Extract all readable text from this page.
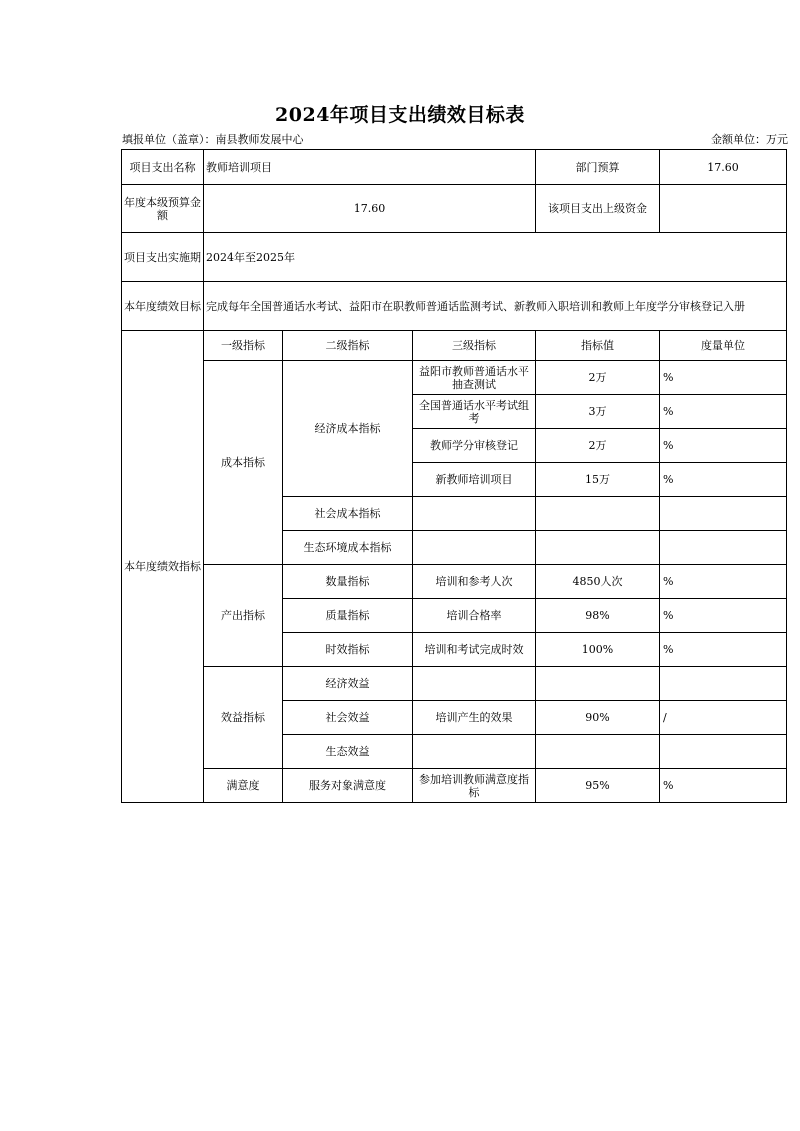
2024年项目支出绩效目标表
填报单位（盖章）：南县教师发展中心	金额单位：万元
项目支出名称	教师培训项目			部门预算	17.60
年度本级预算金额	17.60			该项目支出上级资金	
项目支出实施期	2024年至2025年				
本年度绩效目标	完成每年全国普通话水考试、益阳市在职教师普通话监测考试、新教师入职培训和教师上年度学分审核登记入册				
本年度绩效指标	一级指标	二级指标	三级指标	指标值	度量单位
	成本指标	经济成本指标	益阳市教师普通话水平抽查测试	2万	%
			全国普通话水平考试组考	3万	%
			教师学分审核登记	2万	%
			新教师培训项目	15万	%
		社会成本指标			
		生态环境成本指标			
	产出指标	数量指标	培训和参考人次	4850人次	%
		质量指标	培训合格率	98%	%
		时效指标	培训和考试完成时效	100%	%
	效益指标	经济效益			
		社会效益	培训产生的效果	90%	/
		生态效益			
	满意度	服务对象满意度	参加培训教师满意度指标	95%	%
